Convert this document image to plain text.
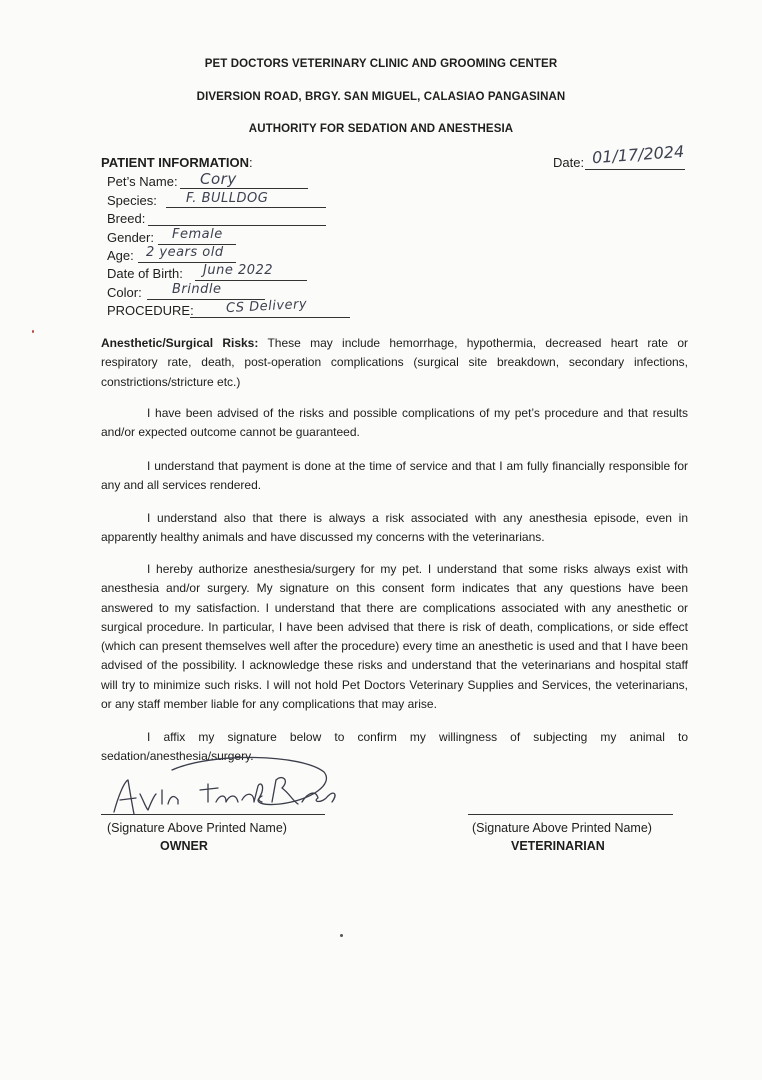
PET DOCTORS VETERINARY CLINIC AND GROOMING CENTER
DIVERSION ROAD, BRGY. SAN MIGUEL, CALASIAO PANGASINAN
AUTHORITY FOR SEDATION AND ANESTHESIA
PATIENT INFORMATION:	Date: 01/17/2024
Pet’s Name: Cory
Species: F. BULLDOG
Breed:
Gender: Female
Age: 2 years old
Date of Birth: June 2022
Color: Brindle
PROCEDURE: CS Delivery
Anesthetic/Surgical Risks: These may include hemorrhage, hypothermia, decreased heart rate or respiratory rate, death, post-operation complications (surgical site breakdown, secondary infections, constrictions/stricture etc.)
I have been advised of the risks and possible complications of my pet’s procedure and that results and/or expected outcome cannot be guaranteed.
I understand that payment is done at the time of service and that I am fully financially responsible for any and all services rendered.
I understand also that there is always a risk associated with any anesthesia episode, even in apparently healthy animals and have discussed my concerns with the veterinarians.
I hereby authorize anesthesia/surgery for my pet. I understand that some risks always exist with anesthesia and/or surgery. My signature on this consent form indicates that any questions have been answered to my satisfaction. I understand that there are complications associated with any anesthetic or surgical procedure. In particular, I have been advised that there is risk of death, complications, or side effect (which can present themselves well after the procedure) every time an anesthetic is used and that I have been advised of the possibility. I acknowledge these risks and understand that the veterinarians and hospital staff will try to minimize such risks. I will not hold Pet Doctors Veterinary Supplies and Services, the veterinarians, or any staff member liable for any complications that may arise.
I affix my signature below to confirm my willingness of subjecting my animal to sedation/anesthesia/surgery.
(Signature Above Printed Name)
OWNER
(Signature Above Printed Name)
VETERINARIAN
